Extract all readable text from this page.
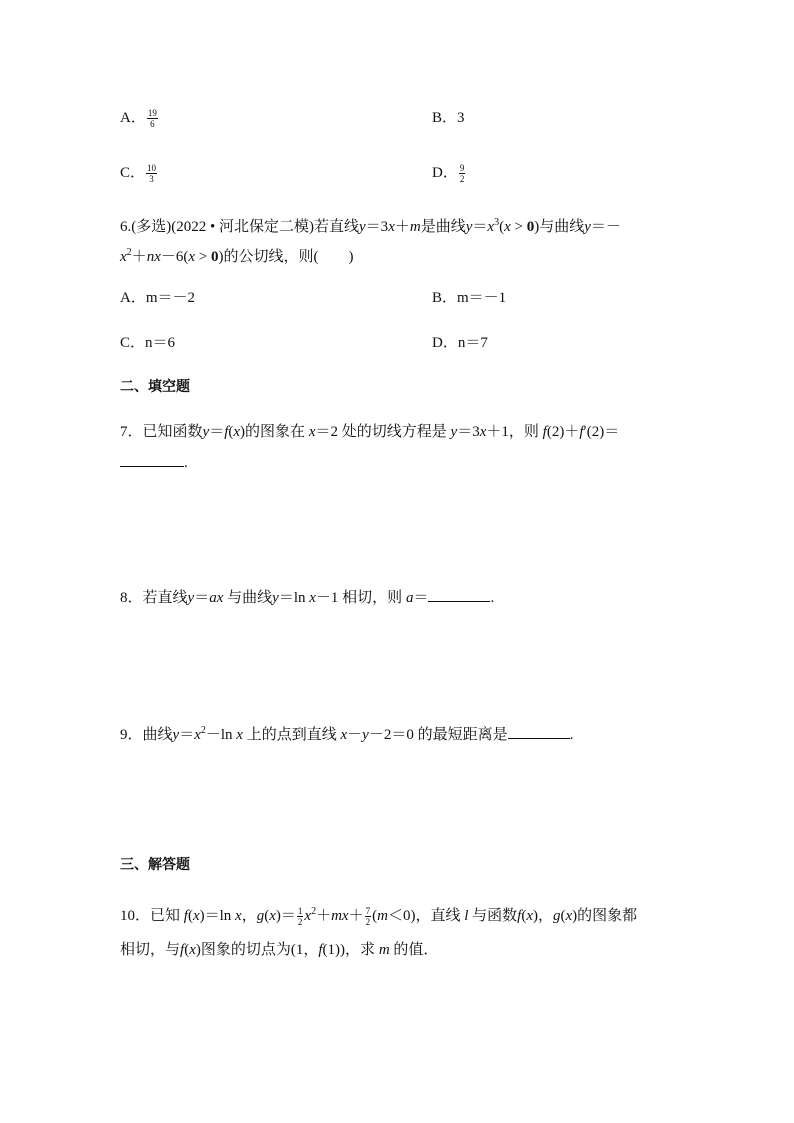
A． $\frac{19}{6}$	B．3
C． $\frac{10}{3}$	D． $\frac{9}{2}$
6.(多选)(2022 • 河北保定二模)若直线y＝3x＋m是曲线$y=x^3(x > 0)$与曲线y＝－
$x^2+nx-6(x > 0)$的公切线，则(　　)
A．m＝－2	B．m＝－1
C．n＝6	D．n＝7
二、填空题
7．已知函数y＝f(x)的图象在 x＝2 处的切线方程是 y＝3x＋1，则 f(2)＋f′(2)＝
.
8．若直线y＝ax 与曲线y＝ln x－1 相切，则 a＝	.
9．曲线$y=x^2-\ln$ x 上的点到直线 x－y－2＝0 的最短距离是	.
三、解答题
10．已知 f(x)＝ln x，$g(x)= \frac{1}{2} x^2+mx+ \frac{7}{2} (m<0)$，直线 l 与函数f(x)，g(x)的图象都
相切，与f(x)图象的切点为(1，f(1))，求 m 的值．
